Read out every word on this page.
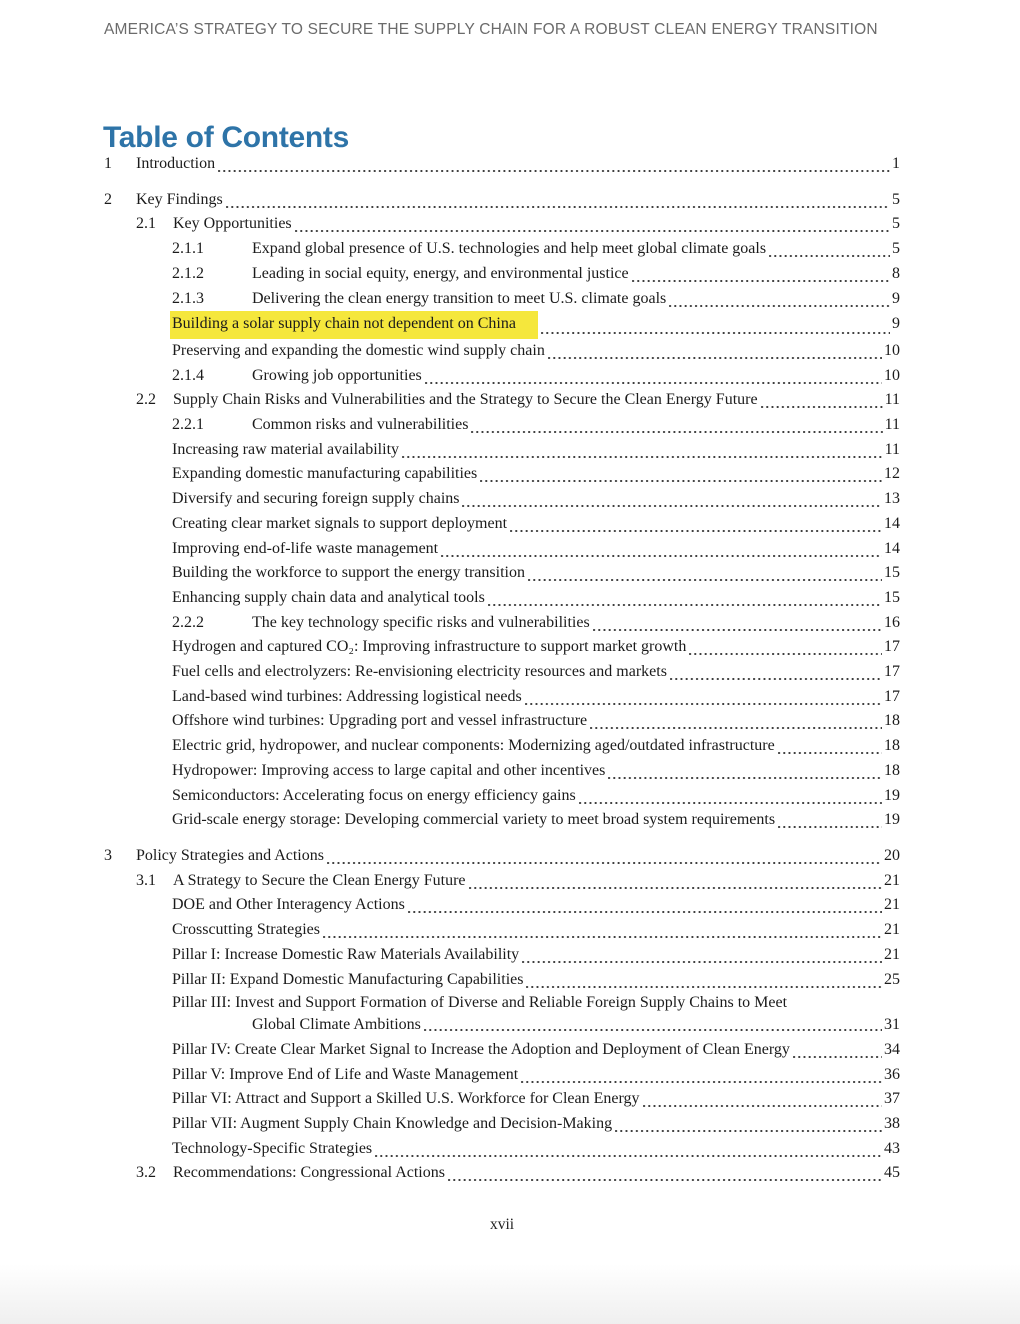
AMERICA’S STRATEGY TO SECURE THE SUPPLY CHAIN FOR A ROBUST CLEAN ENERGY TRANSITION
Table of Contents
1	Introduction	1
2	Key Findings	5
2.1	Key Opportunities	5
2.1.1	Expand global presence of U.S. technologies and help meet global climate goals	5
2.1.2	Leading in social equity, energy, and environmental justice	8
2.1.3	Delivering the clean energy transition to meet U.S. climate goals	9
Building a solar supply chain not dependent on China	9
Preserving and expanding the domestic wind supply chain	10
2.1.4	Growing job opportunities	10
2.2	Supply Chain Risks and Vulnerabilities and the Strategy to Secure the Clean Energy Future	11
2.2.1	Common risks and vulnerabilities	11
Increasing raw material availability	11
Expanding domestic manufacturing capabilities	12
Diversify and securing foreign supply chains	13
Creating clear market signals to support deployment	14
Improving end-of-life waste management	14
Building the workforce to support the energy transition	15
Enhancing supply chain data and analytical tools	15
2.2.2	The key technology specific risks and vulnerabilities	16
Hydrogen and captured CO₂: Improving infrastructure to support market growth	17
Fuel cells and electrolyzers: Re-envisioning electricity resources and markets	17
Land-based wind turbines: Addressing logistical needs	17
Offshore wind turbines: Upgrading port and vessel infrastructure	18
Electric grid, hydropower, and nuclear components: Modernizing aged/outdated infrastructure	18
Hydropower: Improving access to large capital and other incentives	18
Semiconductors: Accelerating focus on energy efficiency gains	19
Grid-scale energy storage: Developing commercial variety to meet broad system requirements	19
3	Policy Strategies and Actions	20
3.1	A Strategy to Secure the Clean Energy Future	21
DOE and Other Interagency Actions	21
Crosscutting Strategies	21
Pillar I: Increase Domestic Raw Materials Availability	21
Pillar II: Expand Domestic Manufacturing Capabilities	25
Pillar III: Invest and Support Formation of Diverse and Reliable Foreign Supply Chains to Meet
Global Climate Ambitions	31
Pillar IV: Create Clear Market Signal to Increase the Adoption and Deployment of Clean Energy	34
Pillar V: Improve End of Life and Waste Management	36
Pillar VI: Attract and Support a Skilled U.S. Workforce for Clean Energy	37
Pillar VII: Augment Supply Chain Knowledge and Decision-Making	38
Technology-Specific Strategies	43
3.2	Recommendations: Congressional Actions	45
xvii
